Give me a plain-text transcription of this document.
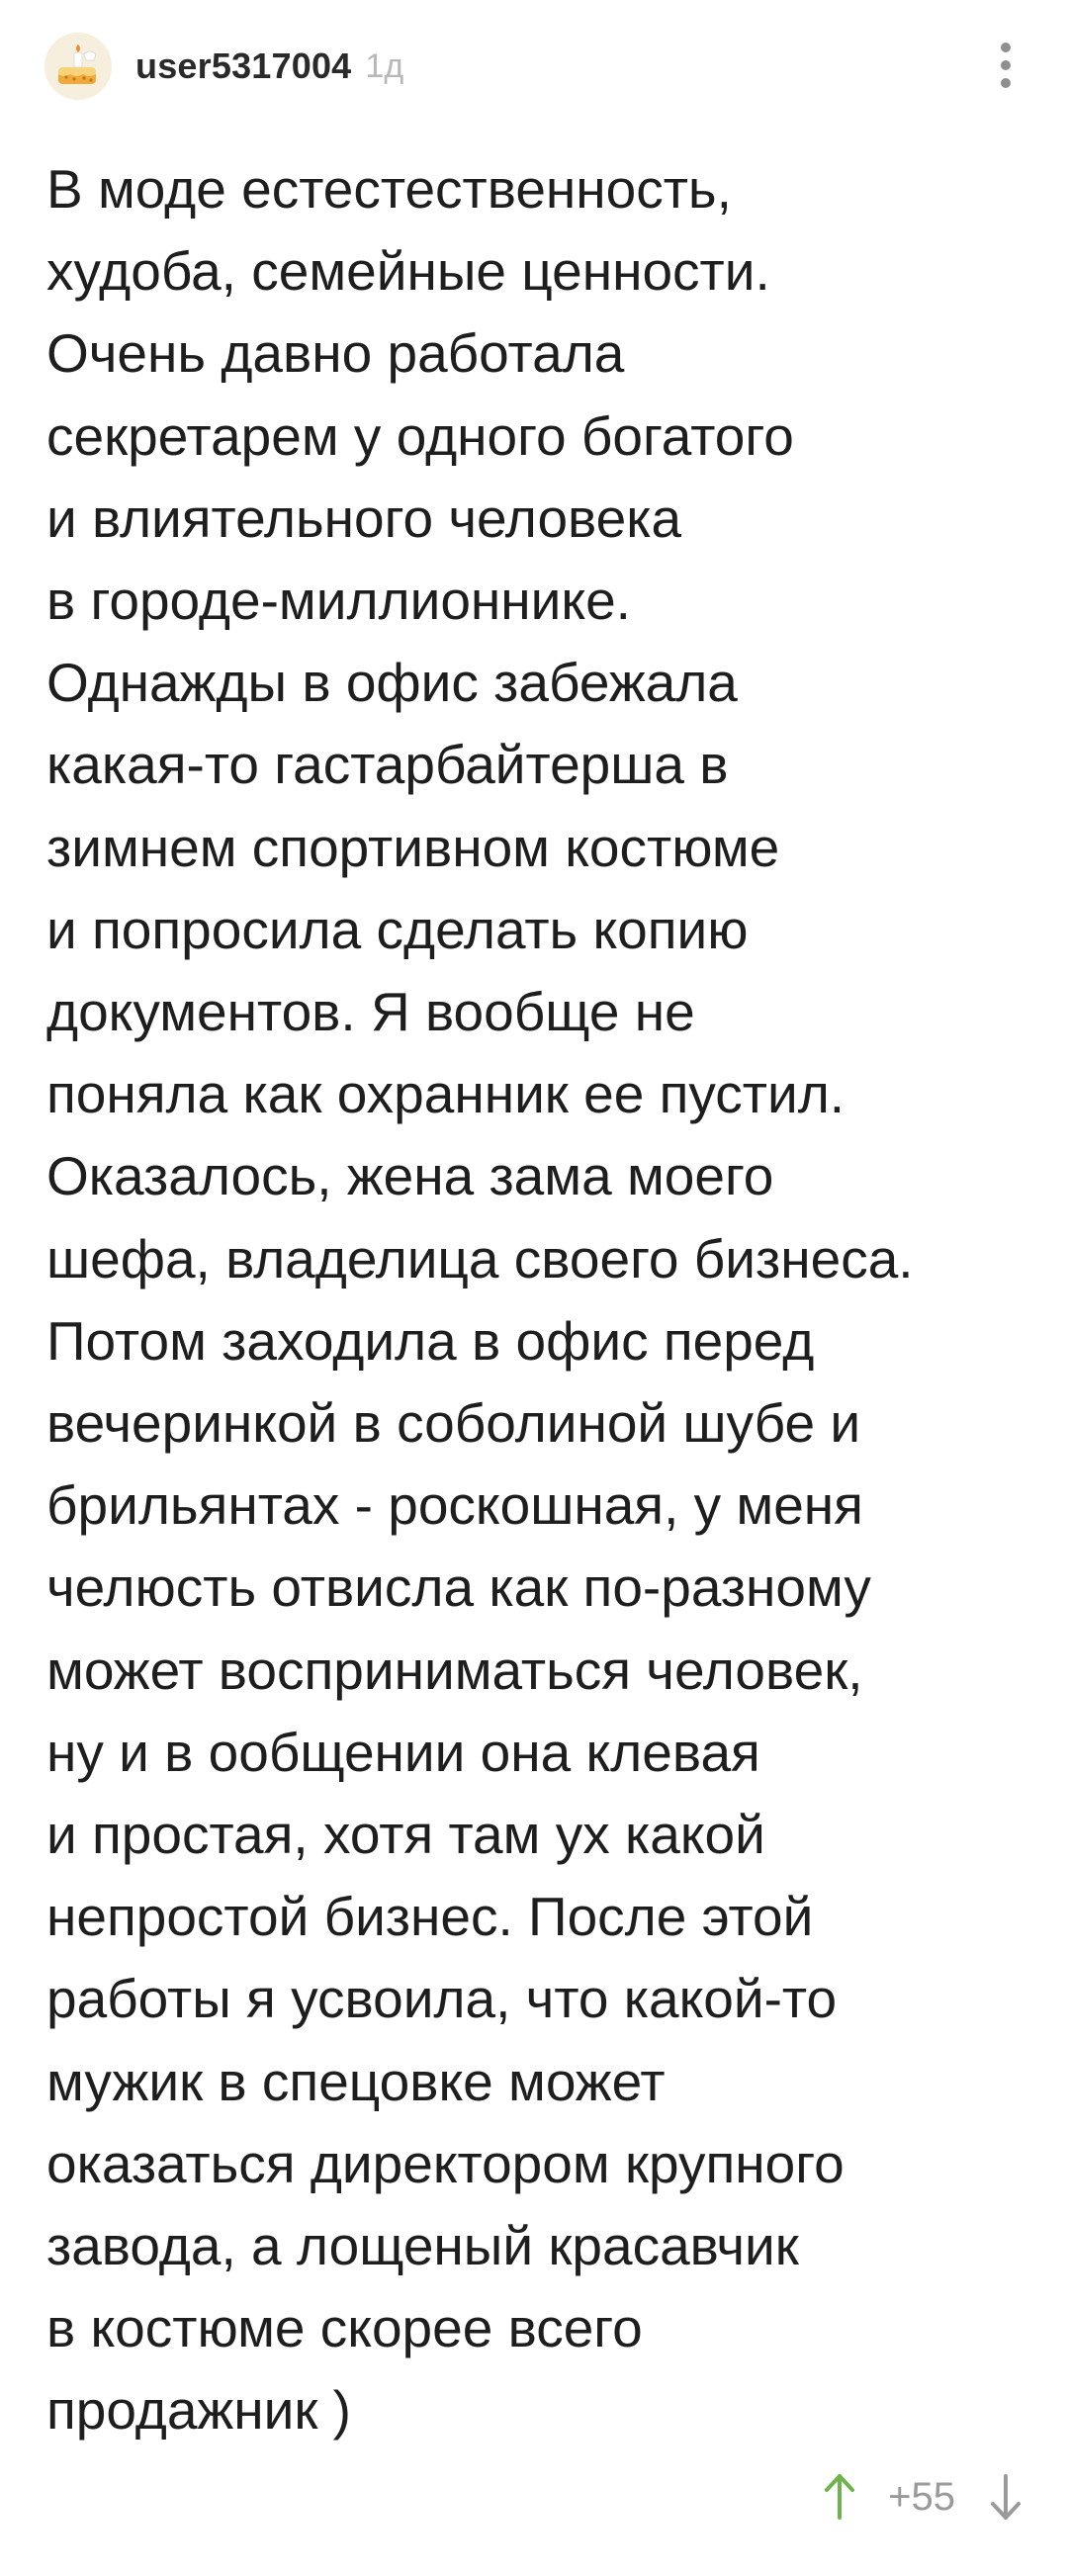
user5317004 1д

В моде естестественность,
худоба, семейные ценности.
Очень давно работала
секретарем у одного богатого
и влиятельного человека
в городе-миллионнике.
Однажды в офис забежала
какая-то гастарбайтерша в
зимнем спортивном костюме
и попросила сделать копию
документов. Я вообще не
поняла как охранник ее пустил.
Оказалось, жена зама моего
шефа, владелица своего бизнеса.
Потом заходила в офис перед
вечеринкой в соболиной шубе и
брильянтах - роскошная, у меня
челюсть отвисла как по-разному
может восприниматься человек,
ну и в ообщении она клевая
и простая, хотя там ух какой
непростой бизнес. После этой
работы я усвоила, что какой-то
мужик в спецовке может
оказаться директором крупного
завода, а лощеный красавчик
в костюме скорее всего
продажник )

+55
